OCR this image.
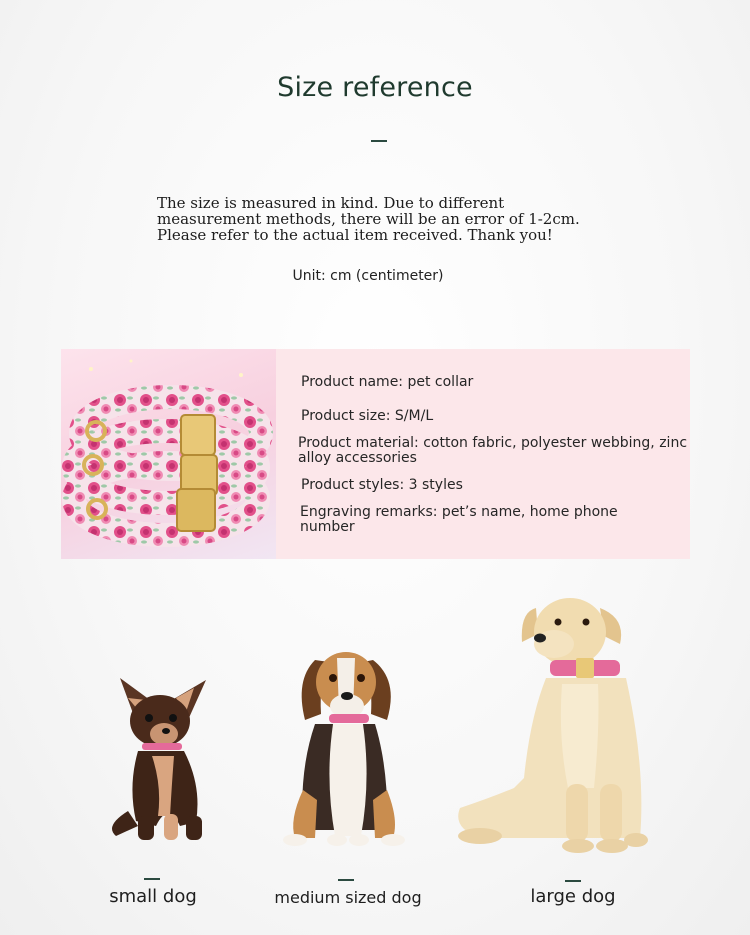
Size reference
The size is measured in kind. Due to different
measurement methods, there will be an error of 1-2cm.
Please refer to the actual item received. Thank you!
Unit: cm (centimeter)
Product name: pet collar
Product size: S/M/L
Product material: cotton fabric, polyester webbing, zinc
alloy accessories
Product styles: 3 styles
Engraving remarks: pet’s name, home phone
number
small dog	medium sized dog	large dog
